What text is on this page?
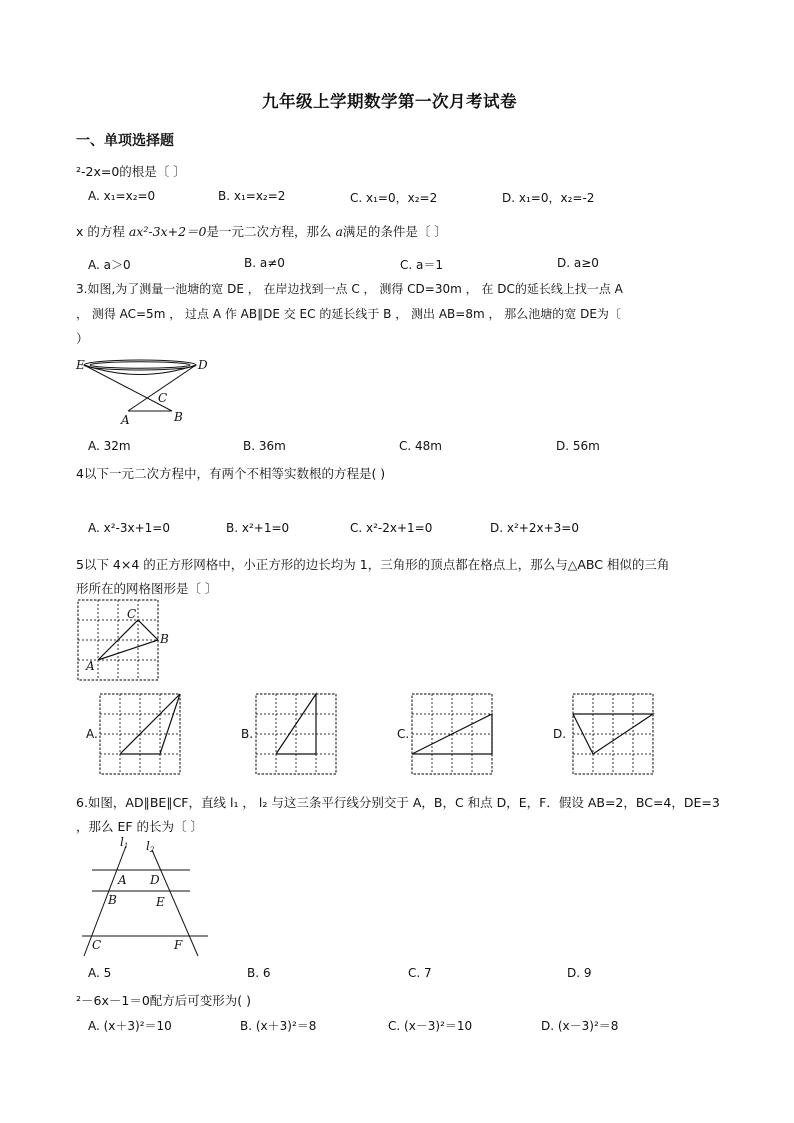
九年级上学期数学第一次月考试卷
一、单项选择题
²-2x=0的根是〔 〕
A. x₁=x₂=0	B. x₁=x₂=2	C. x₁=0，x₂=2	D. x₁=0，x₂=-2
x 的方程 ax²-3x+2＝0是一元二次方程，那么 a满足的条件是〔 〕
A. a＞0	B. a≠0	C. a＝1	D. a≥0
3.如图,为了测量一池塘的宽 DE ， 在岸边找到一点 C ， 测得 CD=30m ， 在 DC的延长线上找一点 A
， 测得 AC=5m ， 过点 A 作 AB∥DE 交 EC 的延长线于 B ， 测出 AB=8m ， 那么池塘的宽 DE为〔
）
E	D
C
A	B
A. 32m	B. 36m	C. 48m	D. 56m
4以下一元二次方程中，有两个不相等实数根的方程是( )
A. x²-3x+1=0	B. x²+1=0	C. x²-2x+1=0	D. x²+2x+3=0
5以下 4×4 的正方形网格中，小正方形的边长均为 1，三角形的顶点都在格点上，那么与△ABC 相似的三角
形所在的网格图形是〔 〕
C
B
A
A.	B.	C.	D.
6.如图，AD∥BE∥CF，直线 l₁ ， l₂ 与这三条平行线分别交于 A，B，C 和点 D，E，F．假设 AB=2，BC=4，DE=3
，那么 EF 的长为〔 〕
l1 l2
A D
B	E
C	F
A. 5	B. 6	C. 7	D. 9
²－6x－1＝0配方后可变形为( )
A. (x＋3)²＝10	B. (x＋3)²＝8	C. (x－3)²＝10	D. (x－3)²＝8
